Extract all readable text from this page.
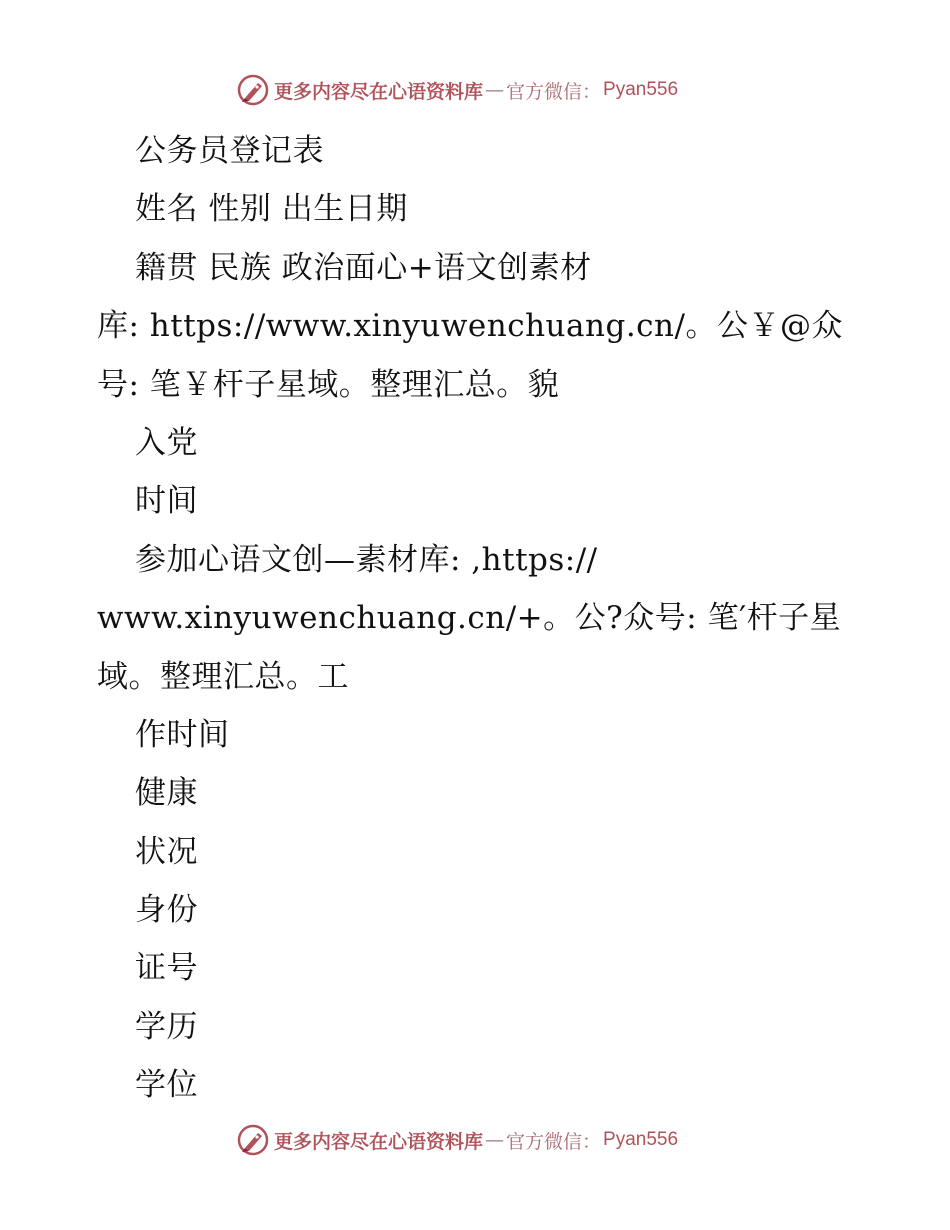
更多内容尽在心语资料库 — 官方微信： Pyan556
公务员登记表
姓名 性别 出生日期
籍贯 民族 政治面心+语文创素材
库: https://www.xinyuwenchuang.cn/。公￥@众
号: 笔￥杆子星域。整理汇总。貌
入党
时间
参加心语文创—素材库: ,https://
www.xinyuwenchuang.cn/+。公?众号: 笔′杆子星
域。整理汇总。工
作时间
健康
状况
身份
证号
学历
学位
更多内容尽在心语资料库 — 官方微信： Pyan556
